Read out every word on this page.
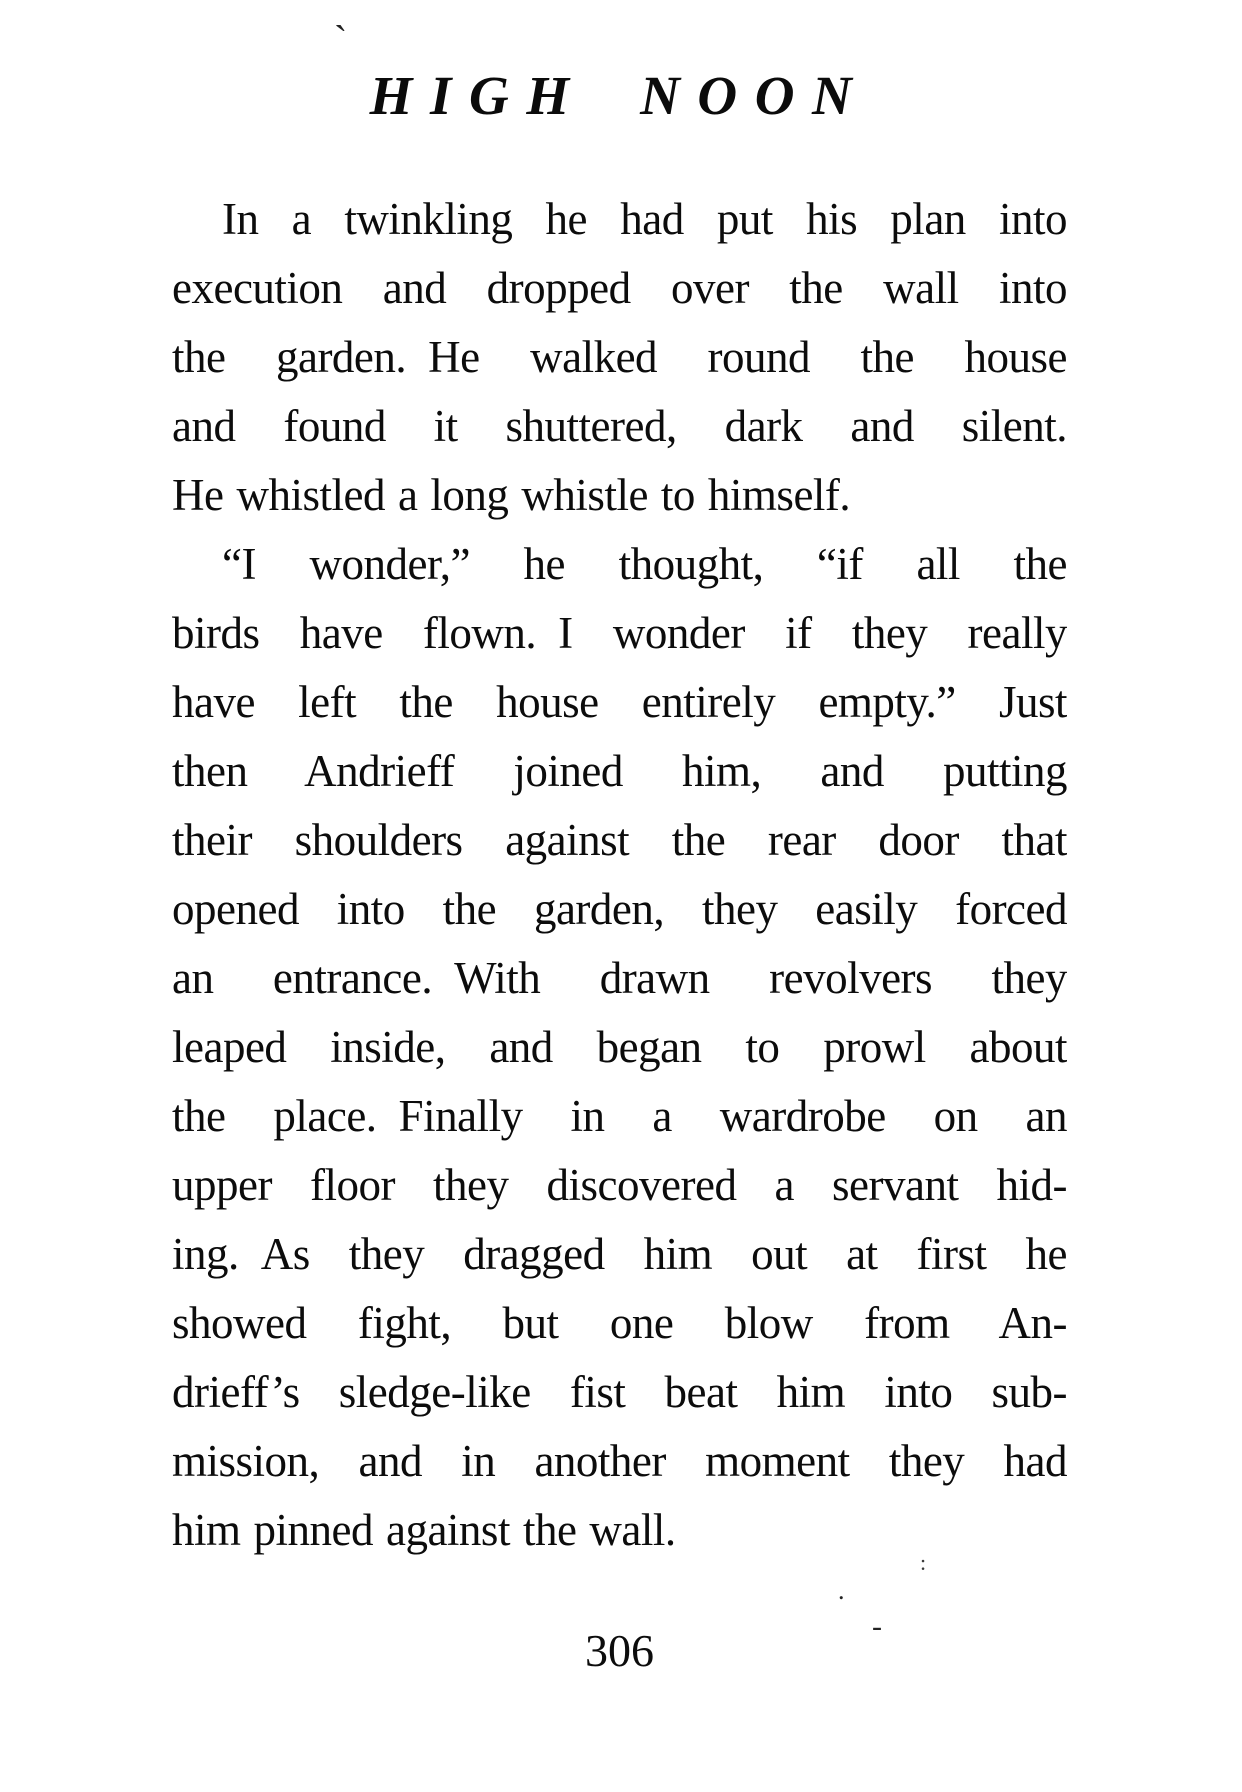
`
HIGH NOON
In a twinkling he had put his plan into
execution and dropped over the wall into
the garden. He walked round the house
and found it shuttered, dark and silent.
He whistled a long whistle to himself.
“I wonder,” he thought, “if all the
birds have flown. I wonder if they really
have left the house entirely empty.” Just
then Andrieff joined him, and putting
their shoulders against the rear door that
opened into the garden, they easily forced
an entrance. With drawn revolvers they
leaped inside, and began to prowl about
the place. Finally in a wardrobe on an
upper floor they discovered a servant hid-
ing. As they dragged him out at first he
showed fight, but one blow from An-
drieff’s sledge-like fist beat him into sub-
mission, and in another moment they had
him pinned against the wall.
306
.
-
:
